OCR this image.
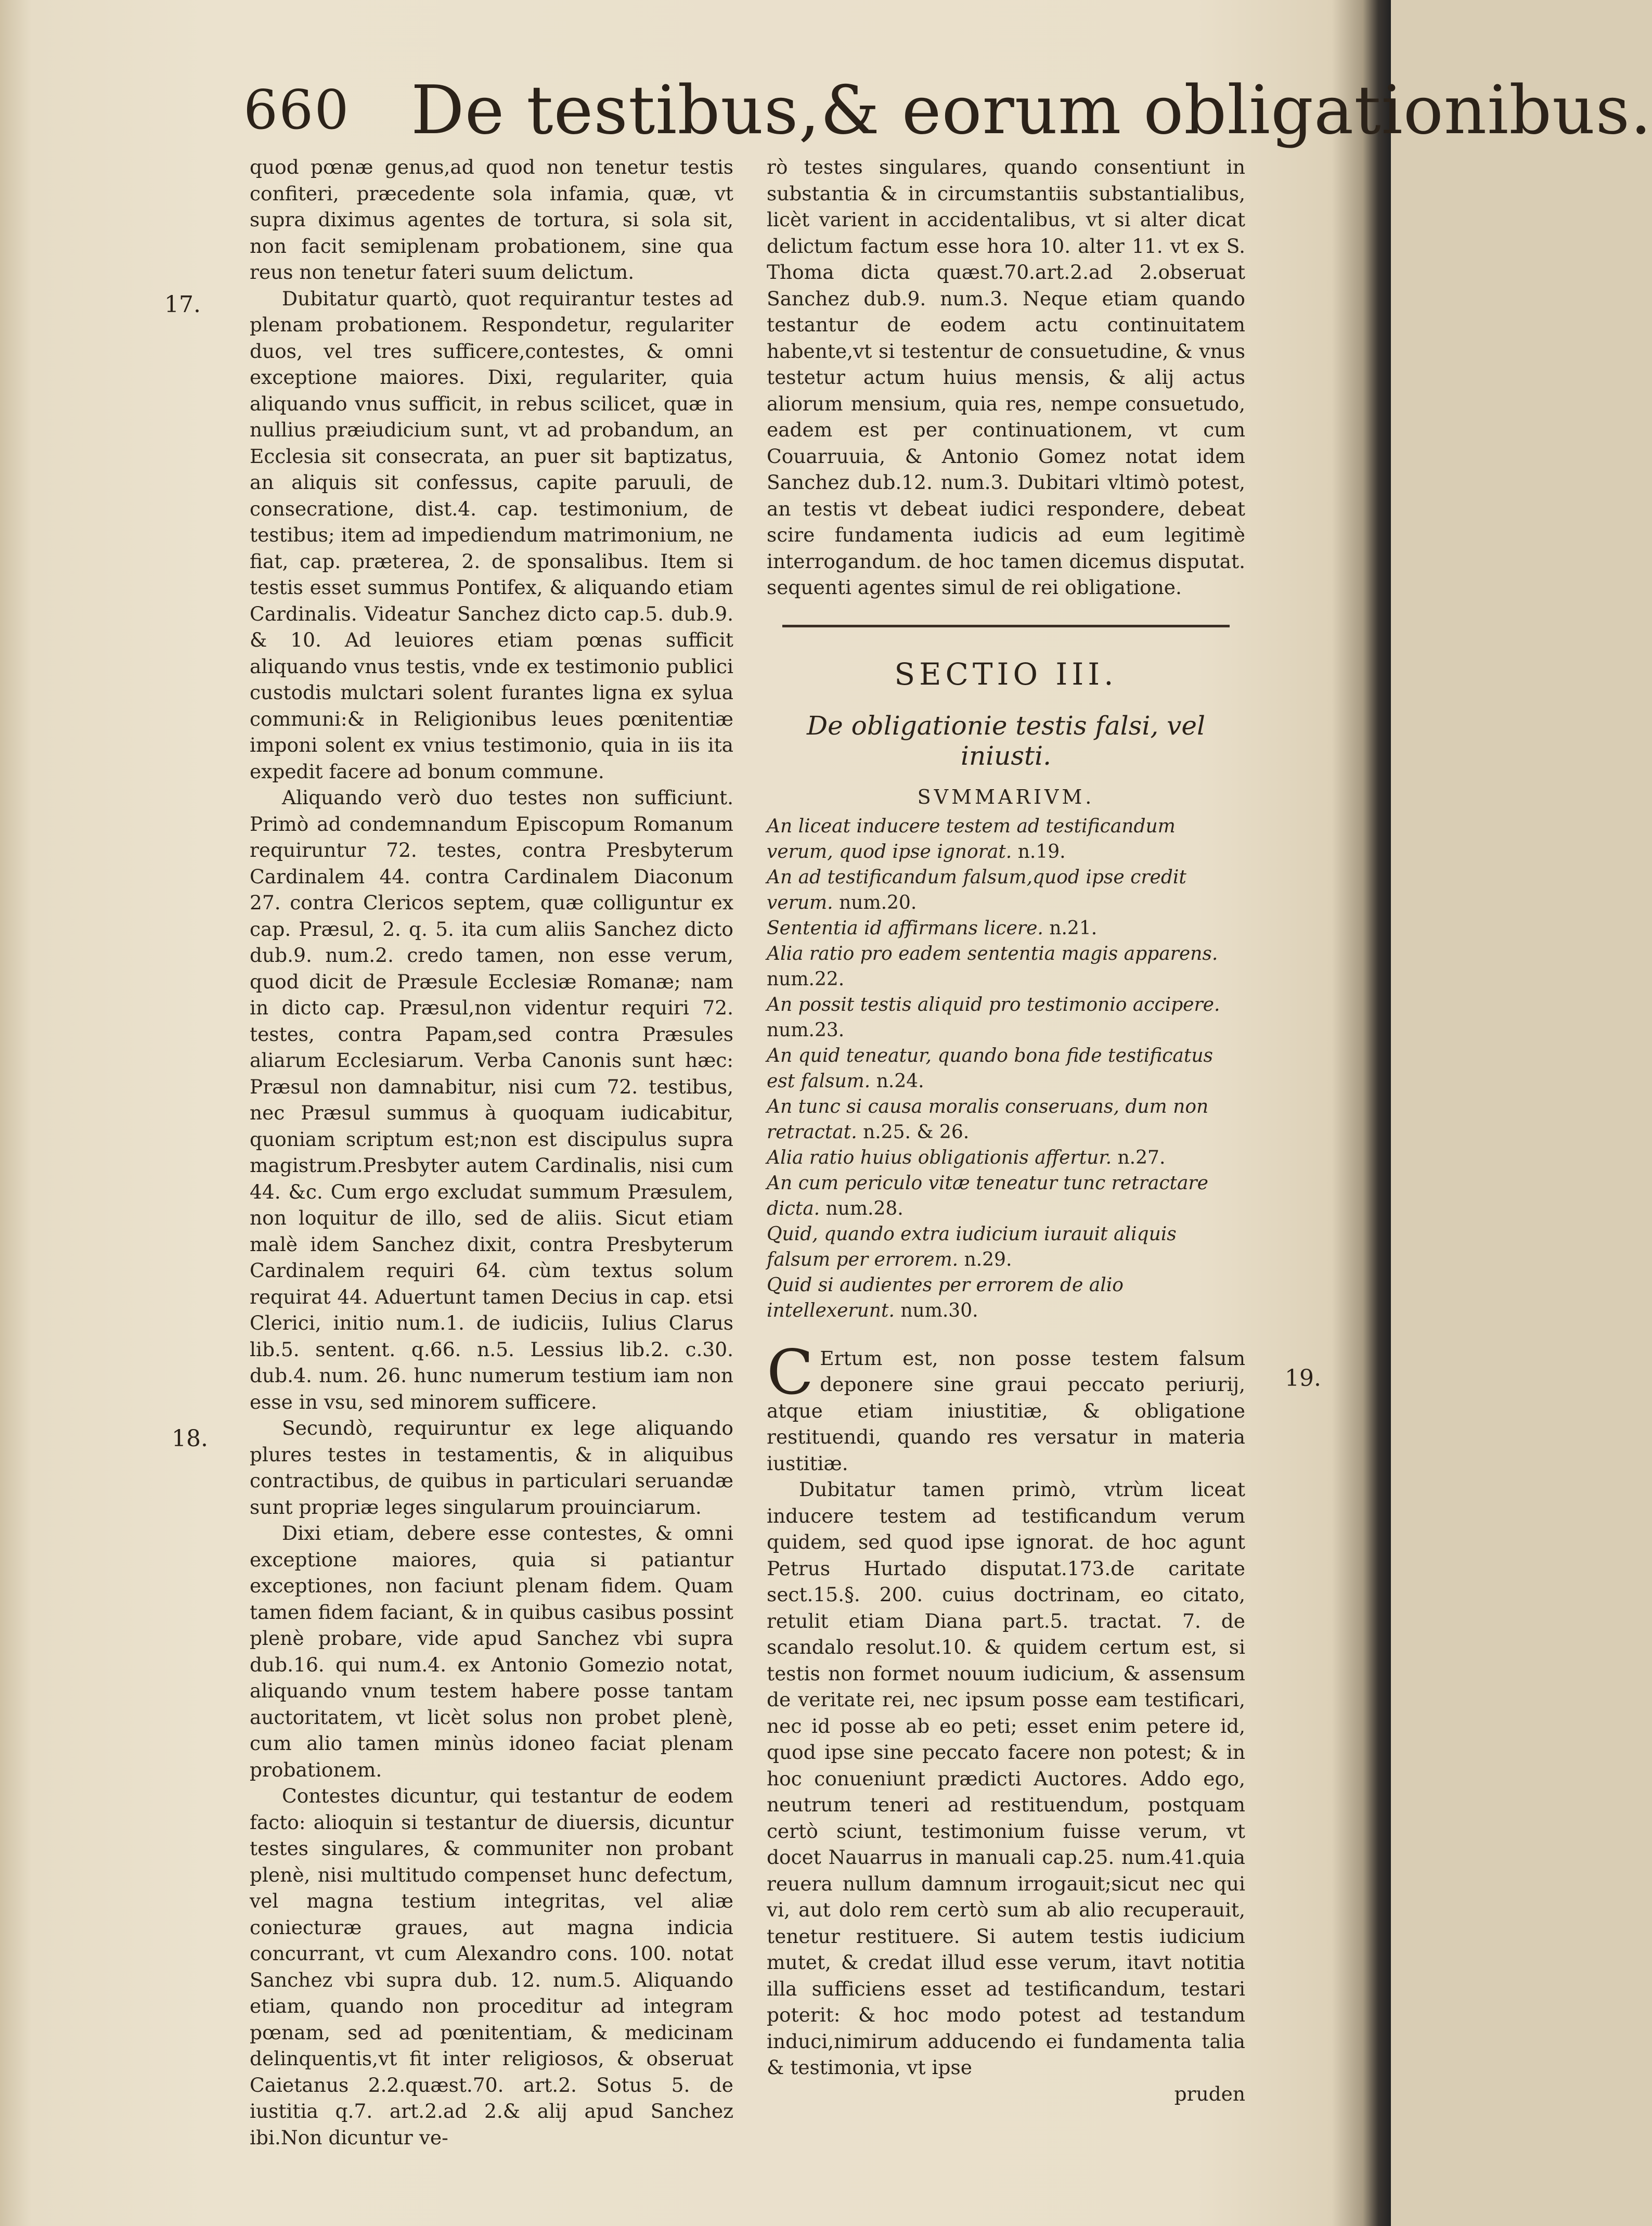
660 De testibus,& eorum obligationibus.
17.
18.
19.

quod pœnæ genus,ad quod non tenetur testis confiteri, præcedente sola infamia, quæ, vt supra diximus agentes de tortura, si sola sit, non facit semiplenam probationem, sine qua reus non tenetur fateri suum delictum.

Dubitatur quartò, quot requirantur testes ad plenam probationem. Respondetur, regulariter duos, vel tres sufficere,contestes, & omni exceptione maiores. Dixi, regulariter, quia aliquando vnus sufficit, in rebus scilicet, quæ in nullius præiudicium sunt, vt ad probandum, an Ecclesia sit consecrata, an puer sit baptizatus, an aliquis sit confessus, capite paruuli, de consecratione, dist.4. cap. testimonium, de testibus; item ad impediendum matrimonium, ne fiat, cap. præterea, 2. de sponsalibus. Item si testis esset summus Pontifex, & aliquando etiam Cardinalis. Videatur Sanchez dicto cap.5. dub.9. & 10. Ad leuiores etiam pœnas sufficit aliquando vnus testis, vnde ex testimonio publici custodis mulctari solent furantes ligna ex sylua communi:& in Religionibus leues pœnitentiæ imponi solent ex vnius testimonio, quia in iis ita expedit facere ad bonum commune.

Aliquando verò duo testes non sufficiunt. Primò ad condemnandum Episcopum Romanum requiruntur 72. testes, contra Presbyterum Cardinalem 44. contra Cardinalem Diaconum 27. contra Clericos septem, quæ colliguntur ex cap. Præsul, 2. q. 5. ita cum aliis Sanchez dicto dub.9. num.2. credo tamen, non esse verum, quod dicit de Præsule Ecclesiæ Romanæ; nam in dicto cap. Præsul,non videntur requiri 72. testes, contra Papam,sed contra Præsules aliarum Ecclesiarum. Verba Canonis sunt hæc: Præsul non damnabitur, nisi cum 72. testibus, nec Præsul summus à quoquam iudicabitur, quoniam scriptum est;non est discipulus supra magistrum.Presbyter autem Cardinalis, nisi cum 44. &c. Cum ergo excludat summum Præsulem, non loquitur de illo, sed de aliis. Sicut etiam malè idem Sanchez dixit, contra Presbyterum Cardinalem requiri 64. cùm textus solum requirat 44. Aduertunt tamen Decius in cap. etsi Clerici, initio num.1. de iudiciis, Iulius Clarus lib.5. sentent. q.66. n.5. Lessius lib.2. c.30. dub.4. num. 26. hunc numerum testium iam non esse in vsu, sed minorem sufficere.

Secundò, requiruntur ex lege aliquando plures testes in testamentis, & in aliquibus contractibus, de quibus in particulari seruandæ sunt propriæ leges singularum prouinciarum.

Dixi etiam, debere esse contestes, & omni exceptione maiores, quia si patiantur exceptiones, non faciunt plenam fidem. Quam tamen fidem faciant, & in quibus casibus possint plenè probare, vide apud Sanchez vbi supra dub.16. qui num.4. ex Antonio Gomezio notat, aliquando vnum testem habere posse tantam auctoritatem, vt licèt solus non probet plenè, cum alio tamen minùs idoneo faciat plenam probationem.

Contestes dicuntur, qui testantur de eodem facto: alioquin si testantur de diuersis, dicuntur testes singulares, & communiter non probant plenè, nisi multitudo compenset hunc defectum, vel magna testium integritas, vel aliæ coniecturæ graues, aut magna indicia concurrant, vt cum Alexandro cons. 100. notat Sanchez vbi supra dub. 12. num.5. Aliquando etiam, quando non proceditur ad integram pœnam, sed ad pœnitentiam, & medicinam delinquentis,vt fit inter religiosos, & obseruat Caietanus 2.2.quæst.70. art.2. Sotus 5. de iustitia q.7. art.2.ad 2.& alij apud Sanchez ibi.Non dicuntur ve-

rò testes singulares, quando consentiunt in substantia & in circumstantiis substantialibus, licèt varient in accidentalibus, vt si alter dicat delictum factum esse hora 10. alter 11. vt ex S. Thoma dicta quæst.70.art.2.ad 2.obseruat Sanchez dub.9. num.3. Neque etiam quando testantur de eodem actu continuitatem habente,vt si testentur de consuetudine, & vnus testetur actum huius mensis, & alij actus aliorum mensium, quia res, nempe consuetudo, eadem est per continuationem, vt cum Couarruuia, & Antonio Gomez notat idem Sanchez dub.12. num.3. Dubitari vltimò potest, an testis vt debeat iudici respondere, debeat scire fundamenta iudicis ad eum legitimè interrogandum. de hoc tamen dicemus disputat. sequenti agentes simul de rei obligatione.

SECTIO III.
De obligationie testis falsi, vel iniusti.
SVMMARIVM.

An liceat inducere testem ad testificandum verum, quod ipse ignorat. n.19.

An ad testificandum falsum,quod ipse credit verum. num.20.

Sententia id affirmans licere. n.21.

Alia ratio pro eadem sententia magis apparens. num.22.

An possit testis aliquid pro testimonio accipere. num.23.

An quid teneatur, quando bona fide testificatus est falsum. n.24.

An tunc si causa moralis conseruans, dum non retractat. n.25. & 26.

Alia ratio huius obligationis affertur. n.27.

An cum periculo vitæ teneatur tunc retractare dicta. num.28.

Quid, quando extra iudicium iurauit aliquis falsum per errorem. n.29.

Quid si audientes per errorem de alio intellexerunt. num.30.

C Ertum est, non posse testem falsum deponere sine graui peccato periurij, atque etiam iniustitiæ, & obligatione restituendi, quando res versatur in materia iustitiæ.

Dubitatur tamen primò, vtrùm liceat inducere testem ad testificandum verum quidem, sed quod ipse ignorat. de hoc agunt Petrus Hurtado disputat.173.de caritate sect.15.§. 200. cuius doctrinam, eo citato, retulit etiam Diana part.5. tractat. 7. de scandalo resolut.10. & quidem certum est, si testis non formet nouum iudicium, & assensum de veritate rei, nec ipsum posse eam testificari, nec id posse ab eo peti; esset enim petere id, quod ipse sine peccato facere non potest; & in hoc conueniunt prædicti Auctores. Addo ego, neutrum teneri ad restituendum, postquam certò sciunt, testimonium fuisse verum, vt docet Nauarrus in manuali cap.25. num.41.quia reuera nullum damnum irrogauit;sicut nec qui vi, aut dolo rem certò sum ab alio recuperauit, tenetur restituere. Si autem testis iudicium mutet, & credat illud esse verum, itavt notitia illa sufficiens esset ad testificandum, testari poterit: & hoc modo potest ad testandum induci,nimirum adducendo ei fundamenta talia & testimonia, vt ipse

pruden
